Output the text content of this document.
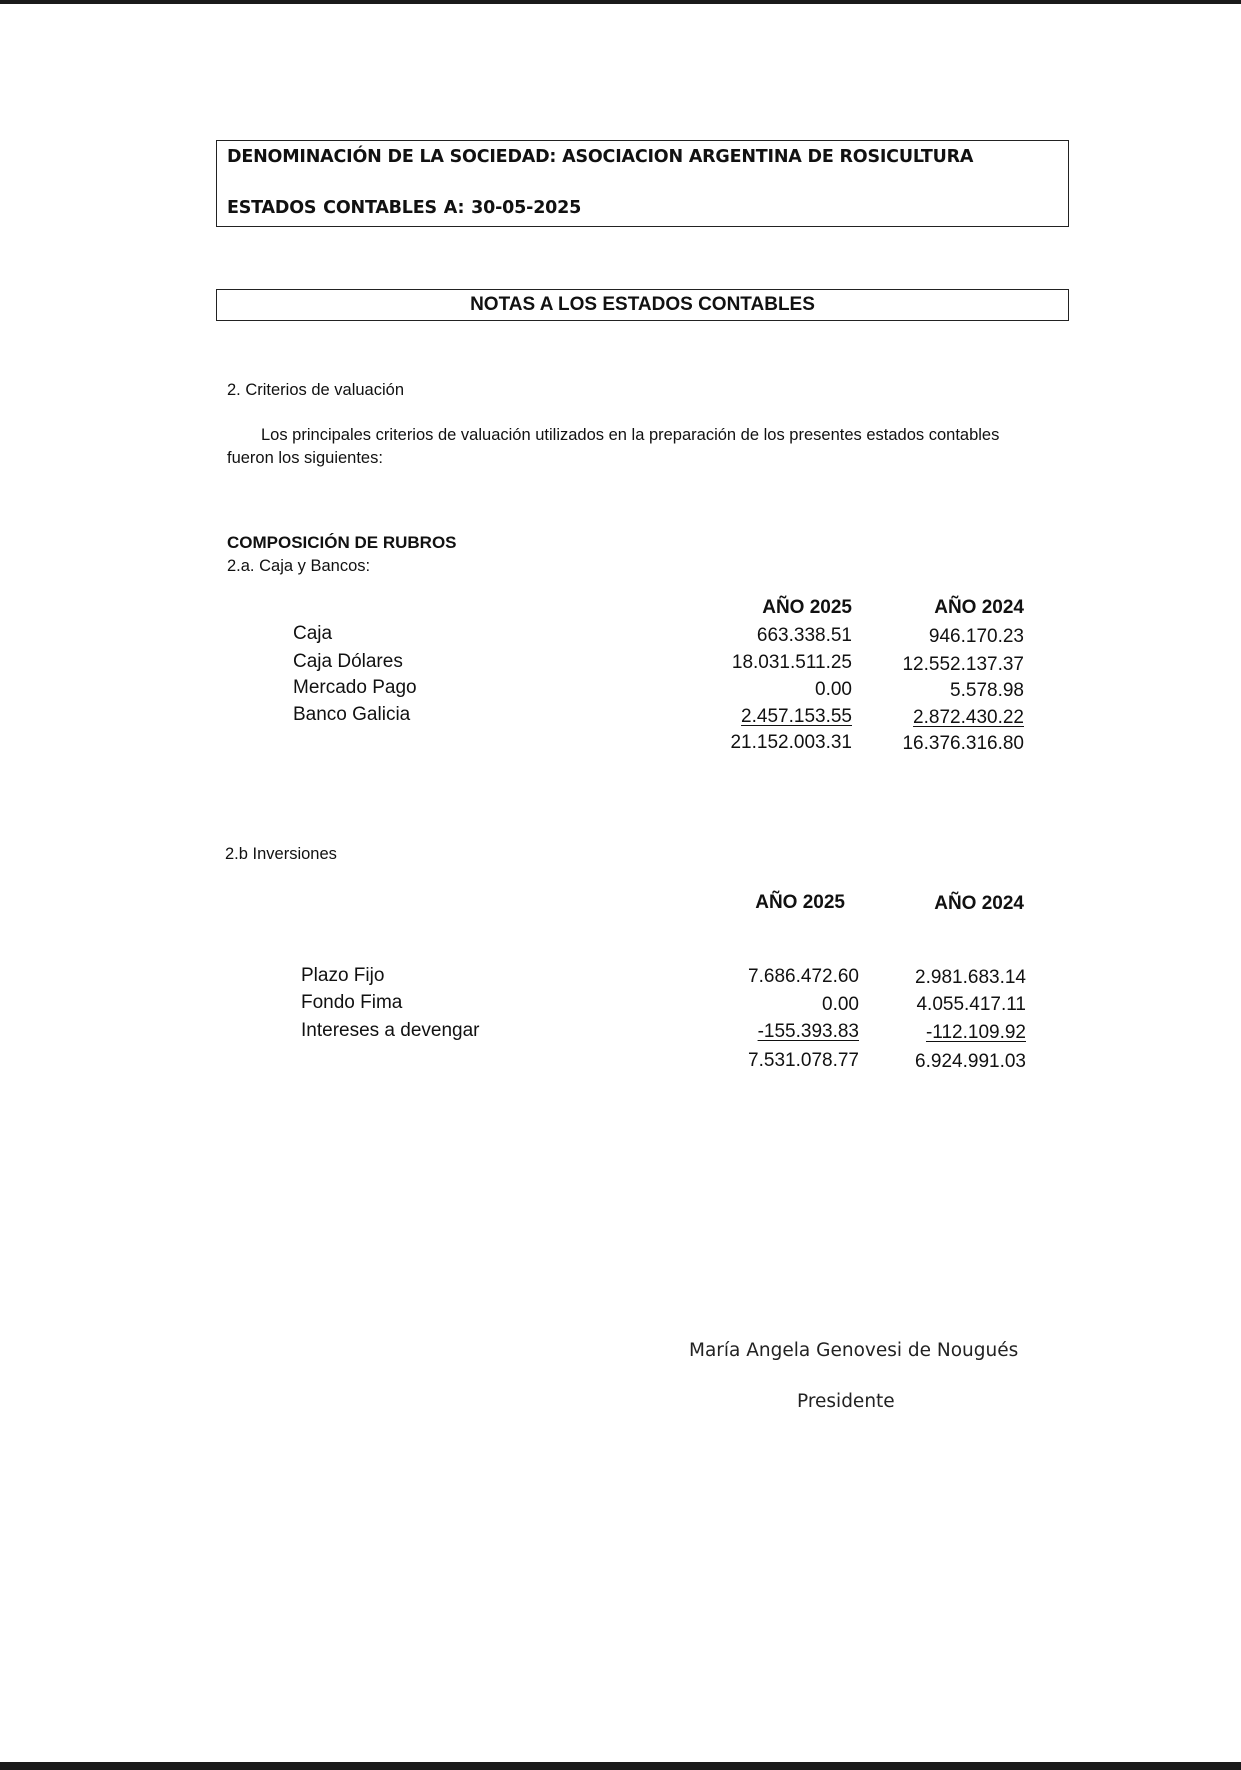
DENOMINACIÓN DE LA SOCIEDAD: ASOCIACION ARGENTINA DE ROSICULTURA
ESTADOS CONTABLES A: 30-05-2025
NOTAS A LOS ESTADOS CONTABLES
2. Criterios de valuación
Los principales criterios de valuación utilizados en la preparación de los presentes estados contables
fueron los siguientes:
COMPOSICIÓN DE RUBROS
2.a. Caja y Bancos:
AÑO 2025	AÑO 2024
Caja	663.338.51	946.170.23
Caja Dólares	18.031.511.25	12.552.137.37
Mercado Pago	0.00	5.578.98
Banco Galicia	2.457.153.55	2.872.430.22
21.152.003.31	16.376.316.80
2.b Inversiones
AÑO 2025	AÑO 2024
Plazo Fijo	7.686.472.60	2.981.683.14
Fondo Fima	0.00	4.055.417.11
Intereses a devengar	-155.393.83	-112.109.92
7.531.078.77	6.924.991.03
María Angela Genovesi de Nougués
Presidente
